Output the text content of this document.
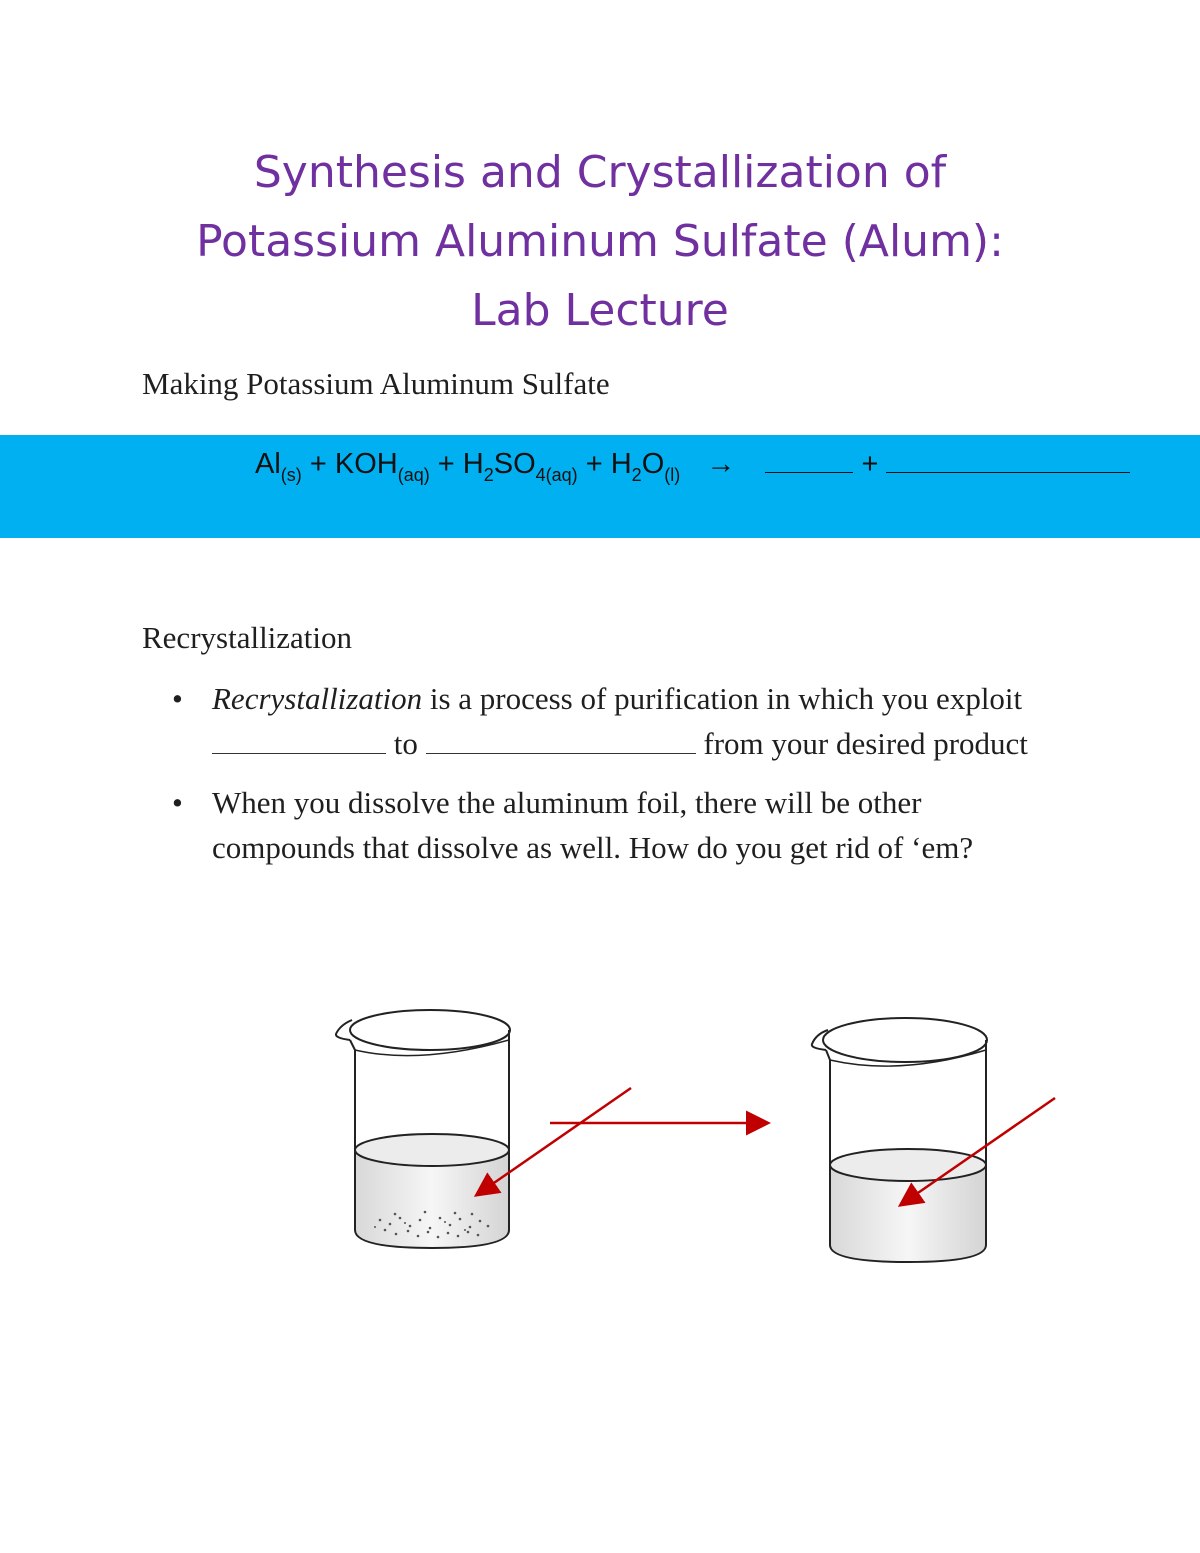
Synthesis and Crystallization of
Potassium Aluminum Sulfate (Alum):
Lab Lecture
Making Potassium Aluminum Sulfate
$Al_{(s)} + KOH_{(aq)} + H_2SO_{4(aq)} + H_2O_{(l)}$ →	+
Recrystallization
• Recrystallization is a process of purification in which you exploit  to	from your desired product
• When you dissolve the aluminum foil, there will be other compounds that dissolve as well. How do you get rid of ‘em?
